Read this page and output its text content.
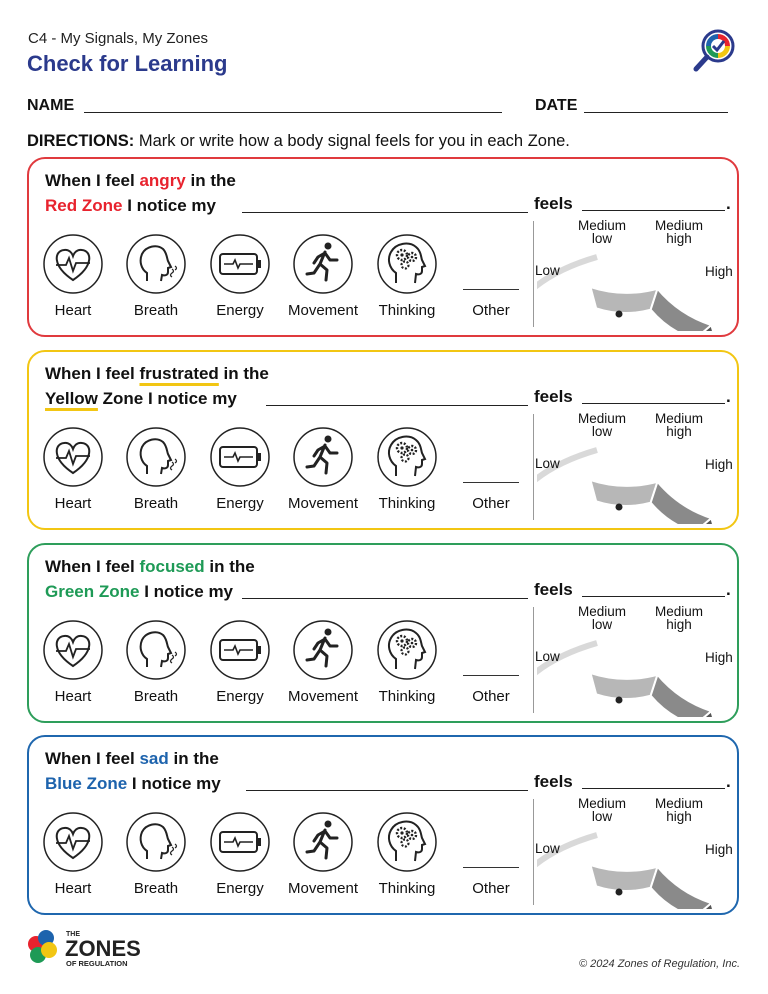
C4 - My Signals, My Zones
Check for Learning
NAME	DATE
DIRECTIONS: Mark or write how a body signal feels for you in each Zone.
When I feel angry in the
Red Zone I notice my	feels	.
Heart	Breath	Energy	Movement	Thinking	Other
Low
Medium
low
Medium
high
High
When I feel frustrated in the
Yellow Zone I notice my	feels	.
Heart	Breath	Energy	Movement	Thinking	Other
Low
Medium
low
Medium
high
High
When I feel focused in the
Green Zone I notice my	feels	.
Heart	Breath	Energy	Movement	Thinking	Other
Low
Medium
low
Medium
high
High
When I feel sad in the
Blue Zone I notice my	feels	.
Heart	Breath	Energy	Movement	Thinking	Other
Low
Medium
low
Medium
high
High
THE
ZONES
OF REGULATION	© 2024 Zones of Regulation, Inc.
